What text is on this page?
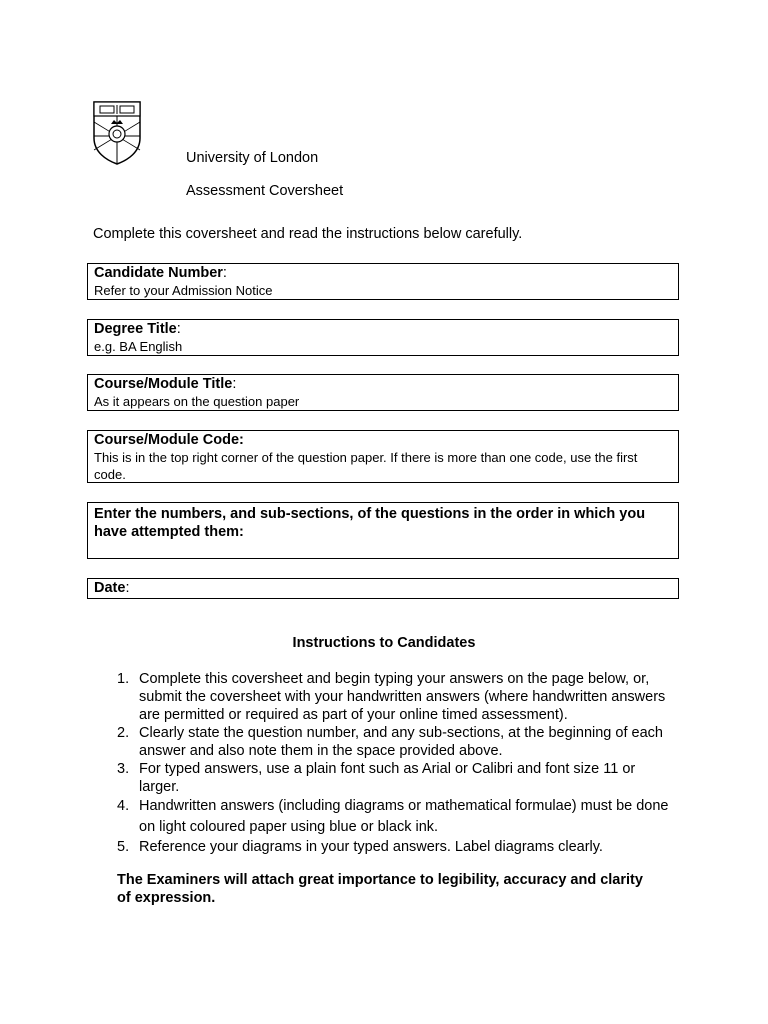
University of London
Assessment Coversheet
Complete this coversheet and read the instructions below carefully.
Candidate Number:
Refer to your Admission Notice
Degree Title:
e.g. BA English
Course/Module Title:
As it appears on the question paper
Course/Module Code:
This is in the top right corner of the question paper. If there is more than one code, use the first code.
Enter the numbers, and sub-sections, of the questions in the order in which you have attempted them:
Date:
Instructions to Candidates
1. Complete this coversheet and begin typing your answers on the page below, or, submit the coversheet with your handwritten answers (where handwritten answers are permitted or required as part of your online timed assessment).
2. Clearly state the question number, and any sub-sections, at the beginning of each answer and also note them in the space provided above.
3. For typed answers, use a plain font such as Arial or Calibri and font size 11 or larger.
4. Handwritten answers (including diagrams or mathematical formulae) must be done on light coloured paper using blue or black ink.
5. Reference your diagrams in your typed answers. Label diagrams clearly.
The Examiners will attach great importance to legibility, accuracy and clarity of expression.
